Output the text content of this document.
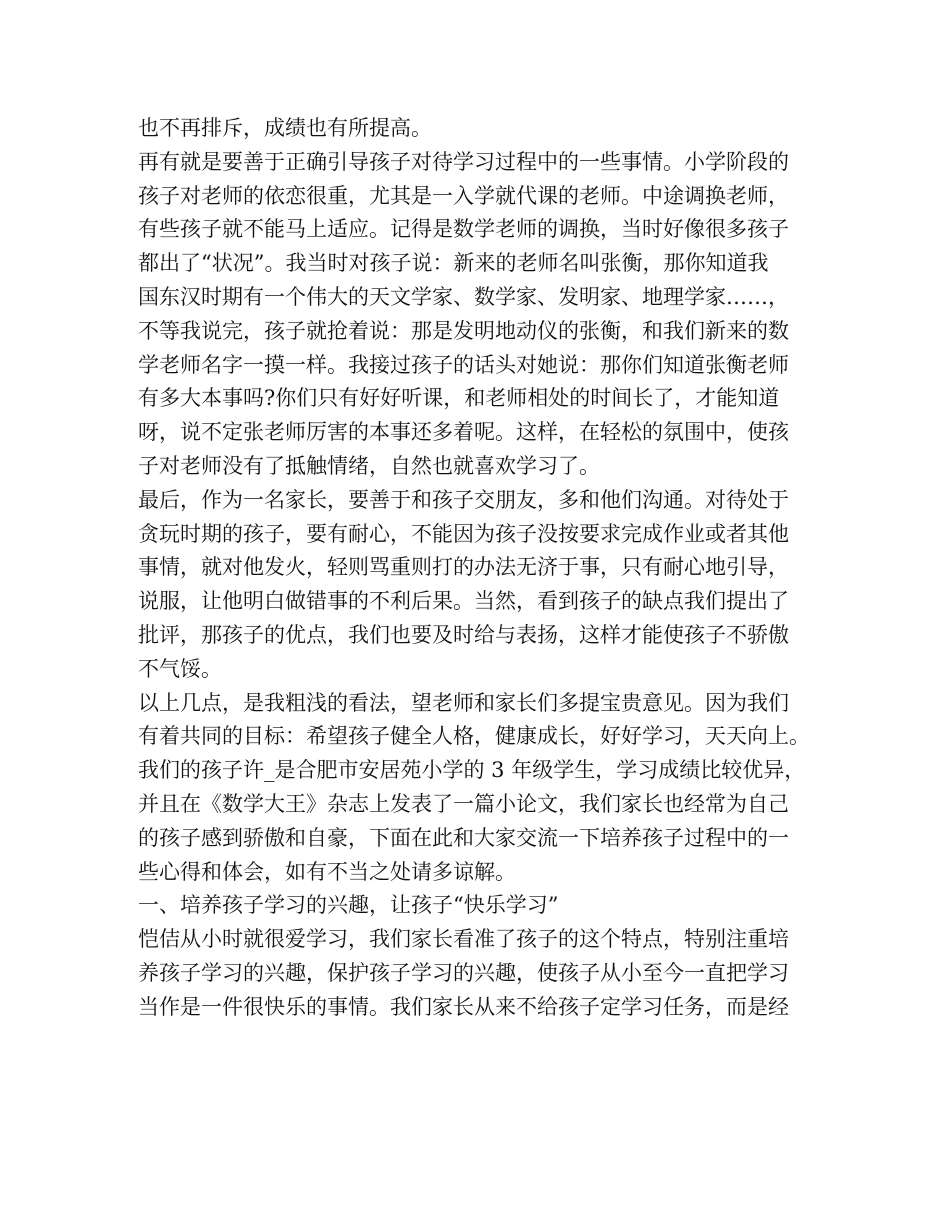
也不再排斥，成绩也有所提高。
再有就是要善于正确引导孩子对待学习过程中的一些事情。小学阶段的
孩子对老师的依恋很重，尤其是一入学就代课的老师。中途调换老师，
有些孩子就不能马上适应。记得是数学老师的调换，当时好像很多孩子
都出了“状况”。我当时对孩子说：新来的老师名叫张衡，那你知道我
国东汉时期有一个伟大的天文学家、数学家、发明家、地理学家……，
不等我说完，孩子就抢着说：那是发明地动仪的张衡，和我们新来的数
学老师名字一摸一样。我接过孩子的话头对她说：那你们知道张衡老师
有多大本事吗?你们只有好好听课，和老师相处的时间长了，才能知道
呀，说不定张老师厉害的本事还多着呢。这样，在轻松的氛围中，使孩
子对老师没有了抵触情绪，自然也就喜欢学习了。
最后，作为一名家长，要善于和孩子交朋友，多和他们沟通。对待处于
贪玩时期的孩子，要有耐心，不能因为孩子没按要求完成作业或者其他
事情，就对他发火，轻则骂重则打的办法无济于事，只有耐心地引导，
说服，让他明白做错事的不利后果。当然，看到孩子的缺点我们提出了
批评，那孩子的优点，我们也要及时给与表扬，这样才能使孩子不骄傲
不气馁。
以上几点，是我粗浅的看法，望老师和家长们多提宝贵意见。因为我们
有着共同的目标：希望孩子健全人格，健康成长，好好学习，天天向上。
我们的孩子许_是合肥市安居苑小学的 3 年级学生，学习成绩比较优异，
并且在《数学大王》杂志上发表了一篇小论文，我们家长也经常为自己
的孩子感到骄傲和自豪，下面在此和大家交流一下培养孩子过程中的一
些心得和体会，如有不当之处请多谅解。
一、培养孩子学习的兴趣，让孩子“快乐学习”
恺佶从小时就很爱学习，我们家长看准了孩子的这个特点，特别注重培
养孩子学习的兴趣，保护孩子学习的兴趣，使孩子从小至今一直把学习
当作是一件很快乐的事情。我们家长从来不给孩子定学习任务，而是经
